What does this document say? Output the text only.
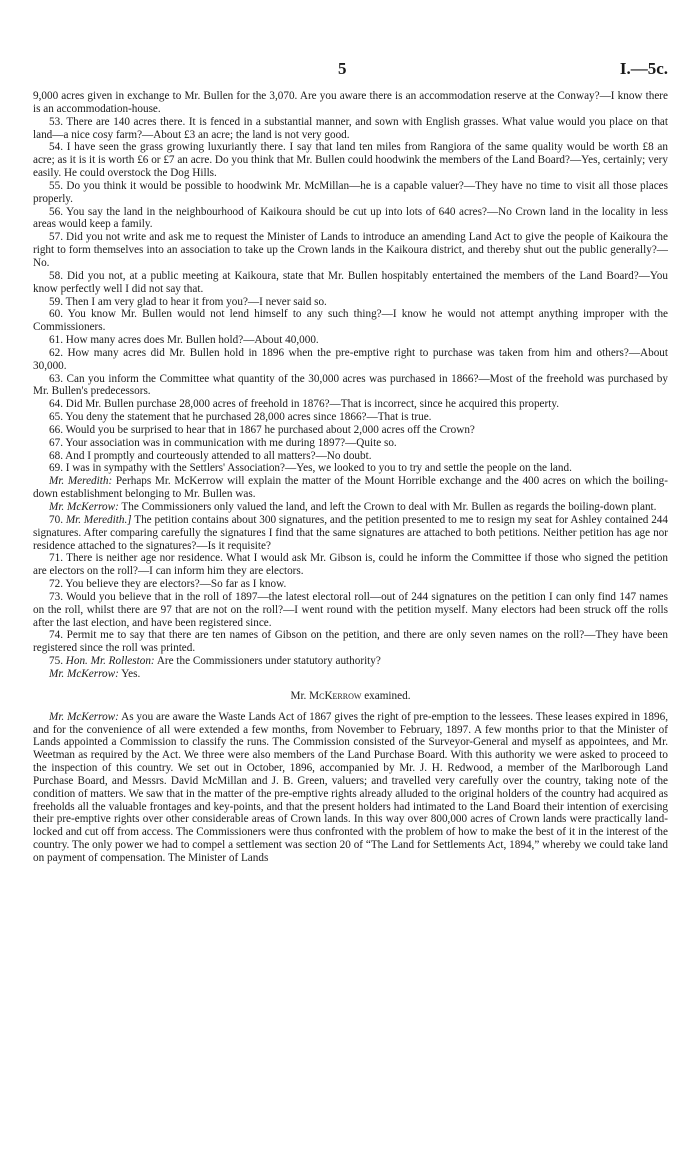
5	I.—5c.

9,000 acres given in exchange to Mr. Bullen for the 3,070. Are you aware there is an accommodation reserve at the Conway?—I know there is an accommodation-house.

53. There are 140 acres there. It is fenced in a substantial manner, and sown with English grasses. What value would you place on that land—a nice cosy farm?—About £3 an acre; the land is not very good.

54. I have seen the grass growing luxuriantly there. I say that land ten miles from Rangiora of the same quality would be worth £8 an acre; as it is it is worth £6 or £7 an acre. Do you think that Mr. Bullen could hoodwink the members of the Land Board?—Yes, certainly; very easily. He could overstock the Dog Hills.

55. Do you think it would be possible to hoodwink Mr. McMillan—he is a capable valuer?—They have no time to visit all those places properly.

56. You say the land in the neighbourhood of Kaikoura should be cut up into lots of 640 acres?—No Crown land in the locality in less areas would keep a family.

57. Did you not write and ask me to request the Minister of Lands to introduce an amending Land Act to give the people of Kaikoura the right to form themselves into an association to take up the Crown lands in the Kaikoura district, and thereby shut out the public generally?—No.

58. Did you not, at a public meeting at Kaikoura, state that Mr. Bullen hospitably entertained the members of the Land Board?—You know perfectly well I did not say that.

59. Then I am very glad to hear it from you?—I never said so.

60. You know Mr. Bullen would not lend himself to any such thing?—I know he would not attempt anything improper with the Commissioners.

61. How many acres does Mr. Bullen hold?—About 40,000.

62. How many acres did Mr. Bullen hold in 1896 when the pre-emptive right to purchase was taken from him and others?—About 30,000.

63. Can you inform the Committee what quantity of the 30,000 acres was purchased in 1866?—Most of the freehold was purchased by Mr. Bullen's predecessors.

64. Did Mr. Bullen purchase 28,000 acres of freehold in 1876?—That is incorrect, since he acquired this property.

65. You deny the statement that he purchased 28,000 acres since 1866?—That is true.

66. Would you be surprised to hear that in 1867 he purchased about 2,000 acres off the Crown?

67. Your association was in communication with me during 1897?—Quite so.

68. And I promptly and courteously attended to all matters?—No doubt.

69. I was in sympathy with the Settlers' Association?—Yes, we looked to you to try and settle the people on the land.

Mr. Meredith: Perhaps Mr. McKerrow will explain the matter of the Mount Horrible exchange and the 400 acres on which the boiling-down establishment belonging to Mr. Bullen was.

Mr. McKerrow: The Commissioners only valued the land, and left the Crown to deal with Mr. Bullen as regards the boiling-down plant.

70. Mr. Meredith.] The petition contains about 300 signatures, and the petition presented to me to resign my seat for Ashley contained 244 signatures. After comparing carefully the signatures I find that the same signatures are attached to both petitions. Neither petition has age nor residence attached to the signatures?—Is it requisite?

71. There is neither age nor residence. What I would ask Mr. Gibson is, could he inform the Committee if those who signed the petition are electors on the roll?—I can inform him they are electors.

72. You believe they are electors?—So far as I know.

73. Would you believe that in the roll of 1897—the latest electoral roll—out of 244 signatures on the petition I can only find 147 names on the roll, whilst there are 97 that are not on the roll?—I went round with the petition myself. Many electors had been struck off the rolls after the last election, and have been registered since.

74. Permit me to say that there are ten names of Gibson on the petition, and there are only seven names on the roll?—They have been registered since the roll was printed.

75. Hon. Mr. Rolleston: Are the Commissioners under statutory authority?

Mr. McKerrow: Yes.

Mr. McKerrow examined.

Mr. McKerrow: As you are aware the Waste Lands Act of 1867 gives the right of pre-emption to the lessees. These leases expired in 1896, and for the convenience of all were extended a few months, from November to February, 1897. A few months prior to that the Minister of Lands appointed a Commission to classify the runs. The Commission consisted of the Surveyor-General and myself as appointees, and Mr. Weetman as required by the Act. We three were also members of the Land Purchase Board. With this authority we were asked to proceed to the inspection of this country. We set out in October, 1896, accompanied by Mr. J. H. Redwood, a member of the Marlborough Land Purchase Board, and Messrs. David McMillan and J. B. Green, valuers; and travelled very carefully over the country, taking note of the condition of matters. We saw that in the matter of the pre-emptive rights already alluded to the original holders of the country had acquired as freeholds all the valuable frontages and key-points, and that the present holders had intimated to the Land Board their intention of exercising their pre-emptive rights over other considerable areas of Crown lands. In this way over 800,000 acres of Crown lands were practically land-locked and cut off from access. The Commissioners were thus confronted with the problem of how to make the best of it in the interest of the country. The only power we had to compel a settlement was section 20 of “The Land for Settlements Act, 1894,” whereby we could take land on payment of compensation. The Minister of Lands
